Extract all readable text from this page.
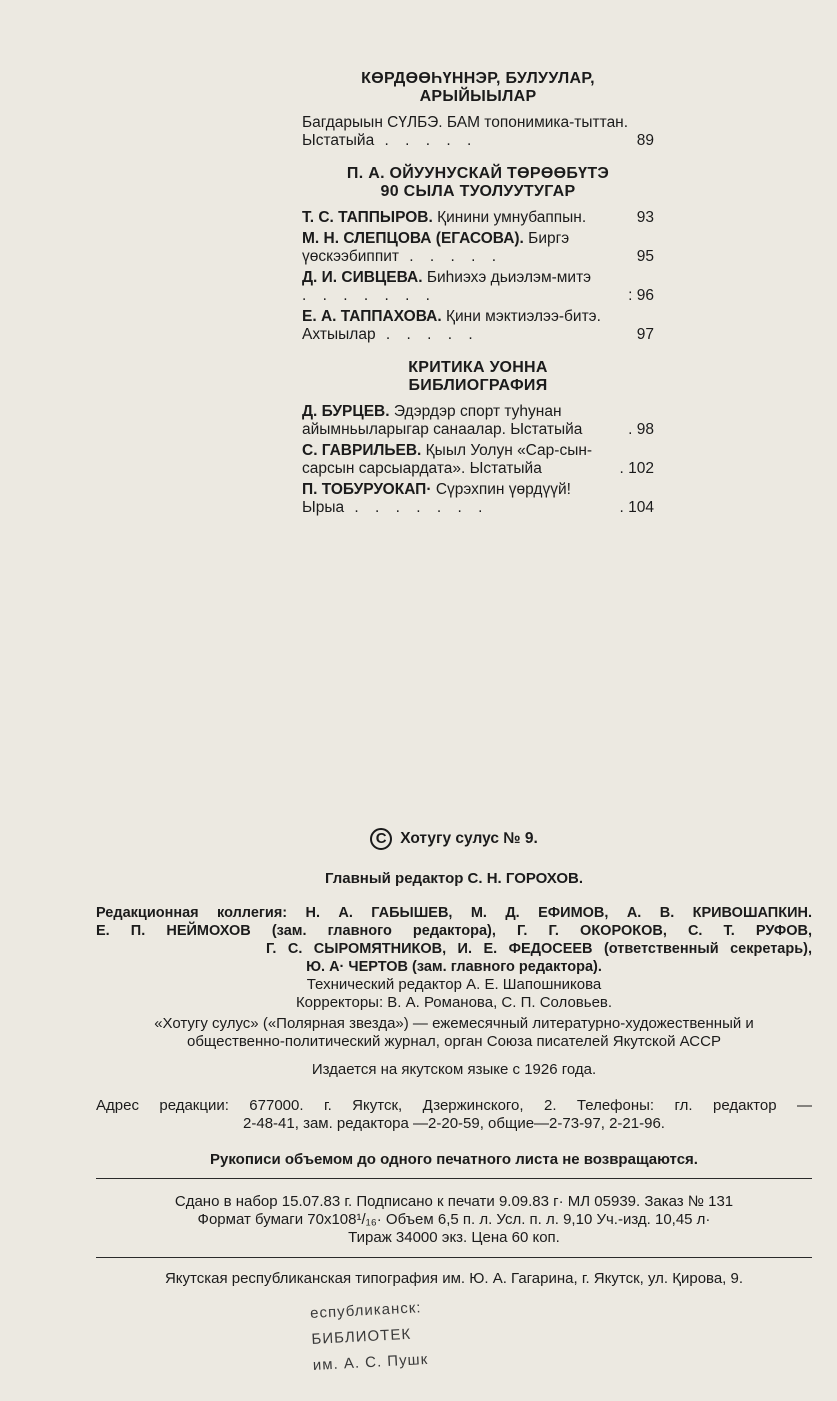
КӨРДӨӨҺҮННЭР, БУЛУУЛАР,
АРЫЙЫЫЛАР
Багдарыын СҮЛБЭ. БАМ топонимика-тыттан. Ыстатыйа . . . . .	89
П. А. ОЙУУНУСКАЙ ТӨРӨӨБҮТЭ
90 СЫЛА ТУОЛУУТУГАР
Т. С. ТАППЫРОВ. Қинини умнубаппын.	93
М. Н. СЛЕПЦОВА (ЕГАСОВА). Биргэ үөскээбиппит . . . . .	95
Д. И. СИВЦЕВА. Биһиэхэ дьиэлэм-митэ . . . . . . .	: 96
Е. А. ТАППАХОВА. Қини мэктиэлээ-битэ. Ахтыылар . . . . .	97
КРИТИКА УОННА
БИБЛИОГРАФИЯ
Д. БУРЦЕВ. Эдэрдэр спорт туһунан айымньыларыгар санаалар. Ыстатыйа	. 98
С. ГАВРИЛЬЕВ. Қыыл Уолун «Сар-сын-сарсын сарсыардата». Ыстатыйа	. 102
П. ТОБУРУОКАП· Сүрэхпин үөрдүүй! Ырыа . . . . . . .	. 104
C Хотугу сулус № 9.
Главный редактор С. Н. ГОРОХОВ.
Редакционная коллегия: Н. А. ГАБЫШЕВ, М. Д. ЕФИМОВ, А. В. КРИВОШАПКИН.
Е. П. НЕЙМОХОВ (зам. главного редактора), Г. Г. ОКОРОКОВ, С. Т. РУФОВ,
Г. С. СЫРОМЯТНИКОВ, И. Е. ФЕДОСЕЕВ (ответственный секретарь),
Ю. А· ЧЕРТОВ (зам. главного редактора).
Технический редактор А. Е. Шапошникова
Корректоры: В. А. Романова, С. П. Соловьев.
«Хотугу сулус» («Полярная звезда») — ежемесячный литературно-художественный и
общественно-политический журнал, орган Союза писателей Якутской АССР
Издается на якутском языке с 1926 года.
Адрес редакции: 677000. г. Якутск, Дзержинского, 2. Телефоны: гл. редактор —
2-48-41, зам. редактора —2-20-59, общие—2-73-97, 2-21-96.
Рукописи объемом до одного печатного листа не возвращаются.
Сдано в набор 15.07.83 г. Подписано к печати 9.09.83 г· МЛ 05939. Заказ № 131
Формат бумаги 70x108¹/₁₆· Объем 6,5 п. л. Усл. п. л. 9,10 Уч.-изд. 10,45 л·
Тираж 34000 экз. Цена 60 коп.
Якутская республиканская типография им. Ю. А. Гагарина, г. Якутск, ул. Қирова, 9.
еспубликанск:
БИБЛИОТЕК
им. А. С. Пушк
